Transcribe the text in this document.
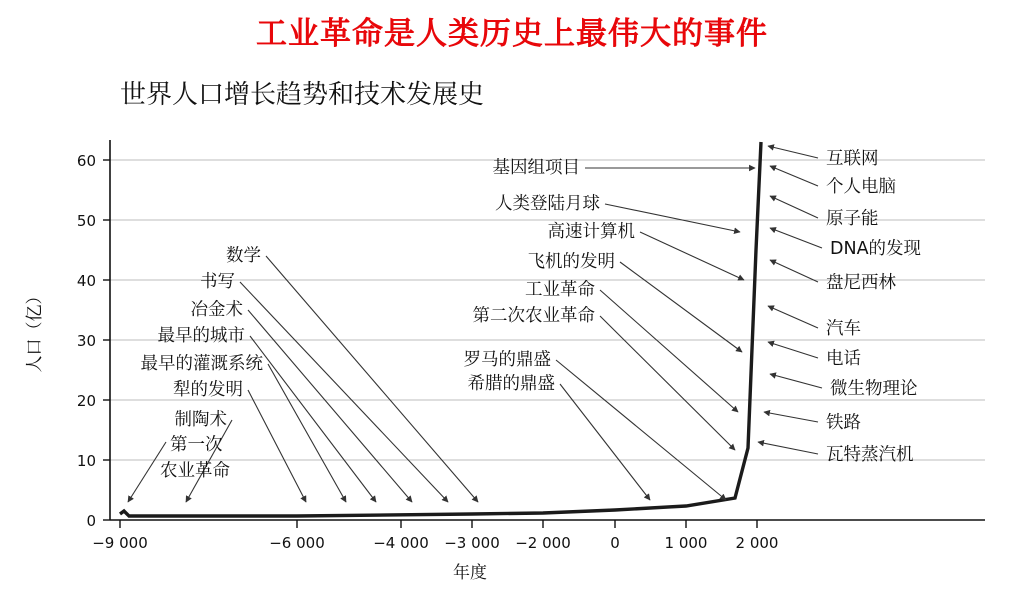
工业革命是人类历史上最伟大的事件
世界人口增长趋势和技术发展史
0
10
20
30
40
50
60
−9 000	−6 000	−4 000 −3 000 −2 000	0	1 000 2 000
年度
人口（亿）
基因组项目
人类登陆月球
高速计算机
飞机的发明
工业革命
第二次农业革命
罗马的鼎盛
希腊的鼎盛
数学
书写
冶金术
最早的城市
最早的灌溉系统
犁的发明
制陶术
第一次
农业革命
互联网
个人电脑
原子能
DNA的发现
盘尼西林
汽车
电话
微生物理论
铁路
瓦特蒸汽机
